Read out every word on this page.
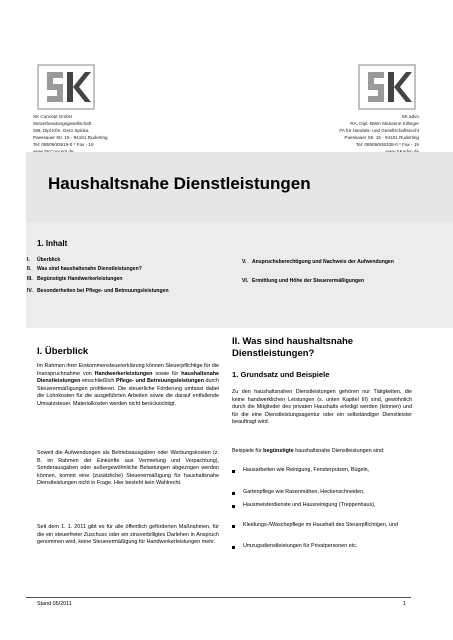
SK Concept GmbH
Steuerberatungsgesellschaft
StB, Dipl.Kfm. Gero Spinka
Paessauer Str. 15 - 94161 Ruderting
Tel: 08509/93619-0 * Fax - 19
SK advo
RA, Dipl.-BWin Marianne Killinger
FA für Handels- und Gesellschaftsrecht
Paessauer Str. 15 - 94161 Ruderting
Tel: 08509/936338-0 * Fax - 19
Haushaltsnahe Dienstleistungen
1. Inhalt
I. Überblick
II. Was sind haushaltsnahe Dienstleistungen?
III. Begünstigte Handwerkerleistungen
IV. Besonderheiten bei Pflege- und Betreuungsleistungen
V. Anspruchsberechtigung und Nachweis der Aufwendungen
VI. Ermittlung und Höhe der Steuerermäßigungen
I. Überblick
Im Rahmen ihrer Einkommensteuererklärung können Steuerpflichtige für die Inanspruchnahme von Handwerkerleistungen sowie für haushaltsnahe Dienstleistungen einschließlich Pflege- und Betreuungsleistungen durch Steuerermäßigungen profitieren. Die steuerliche Förderung umfasst dabei die Lohnkosten für die ausgeführten Arbeiten sowie die darauf entfallende Umsatzsteuer. Materialkosten werden nicht berücksichtigt.
Soweit die Aufwendungen als Betriebsausgaben oder Werbungskosten (z. B. im Rahmen der Einkünfte aus Vermietung und Verpachtung), Sonderausgaben oder außergewöhnliche Belastungen abgezogen werden können, kommt eine (zusätzliche) Steuerermäßigung für haushaltsnahe Dienstleistungen nicht in Frage. Hier besteht kein Wahlrecht.
Seit dem 1. 1. 2011 gibt es für alle öffentlich geförderten Maßnahmen, für die ein steuerfreier Zuschuss oder ein zinsverbilligtes Darlehen in Anspruch genommen wird, keine Steuerermäßigung für Handwerkerleistungen mehr.
II. Was sind haushaltsnahe Dienstleistungen?
1. Grundsatz und Beispiele
Zu den haushaltsnahen Dienstleistungen gehören nur Tätigkeiten, die keine handwerklichen Leistungen (s. unten Kapitel III) sind, gewöhnlich durch die Mitglieder des privaten Haushalts erledigt werden (können) und für die eine Dienstleistungsagentur oder ein selbständiger Dienstleister beauftragt wird.
Beispiele für begünstigte haushaltsnahe Dienstleistungen sind:
Hausarbeiten wie Reinigung, Fensterputzen, Bügeln,
Gartenpflege wie Rasenmähen, Heckenschneiden,
Hausmeisterdienste und Hausreinigung (Treppenhaus),
Kleidungs-/Wäschepflege im Haushalt des Steuerpflichtigen, und
Umzugsdienstleistungen für Privatpersonen etc.
Stand 05/2011	1
